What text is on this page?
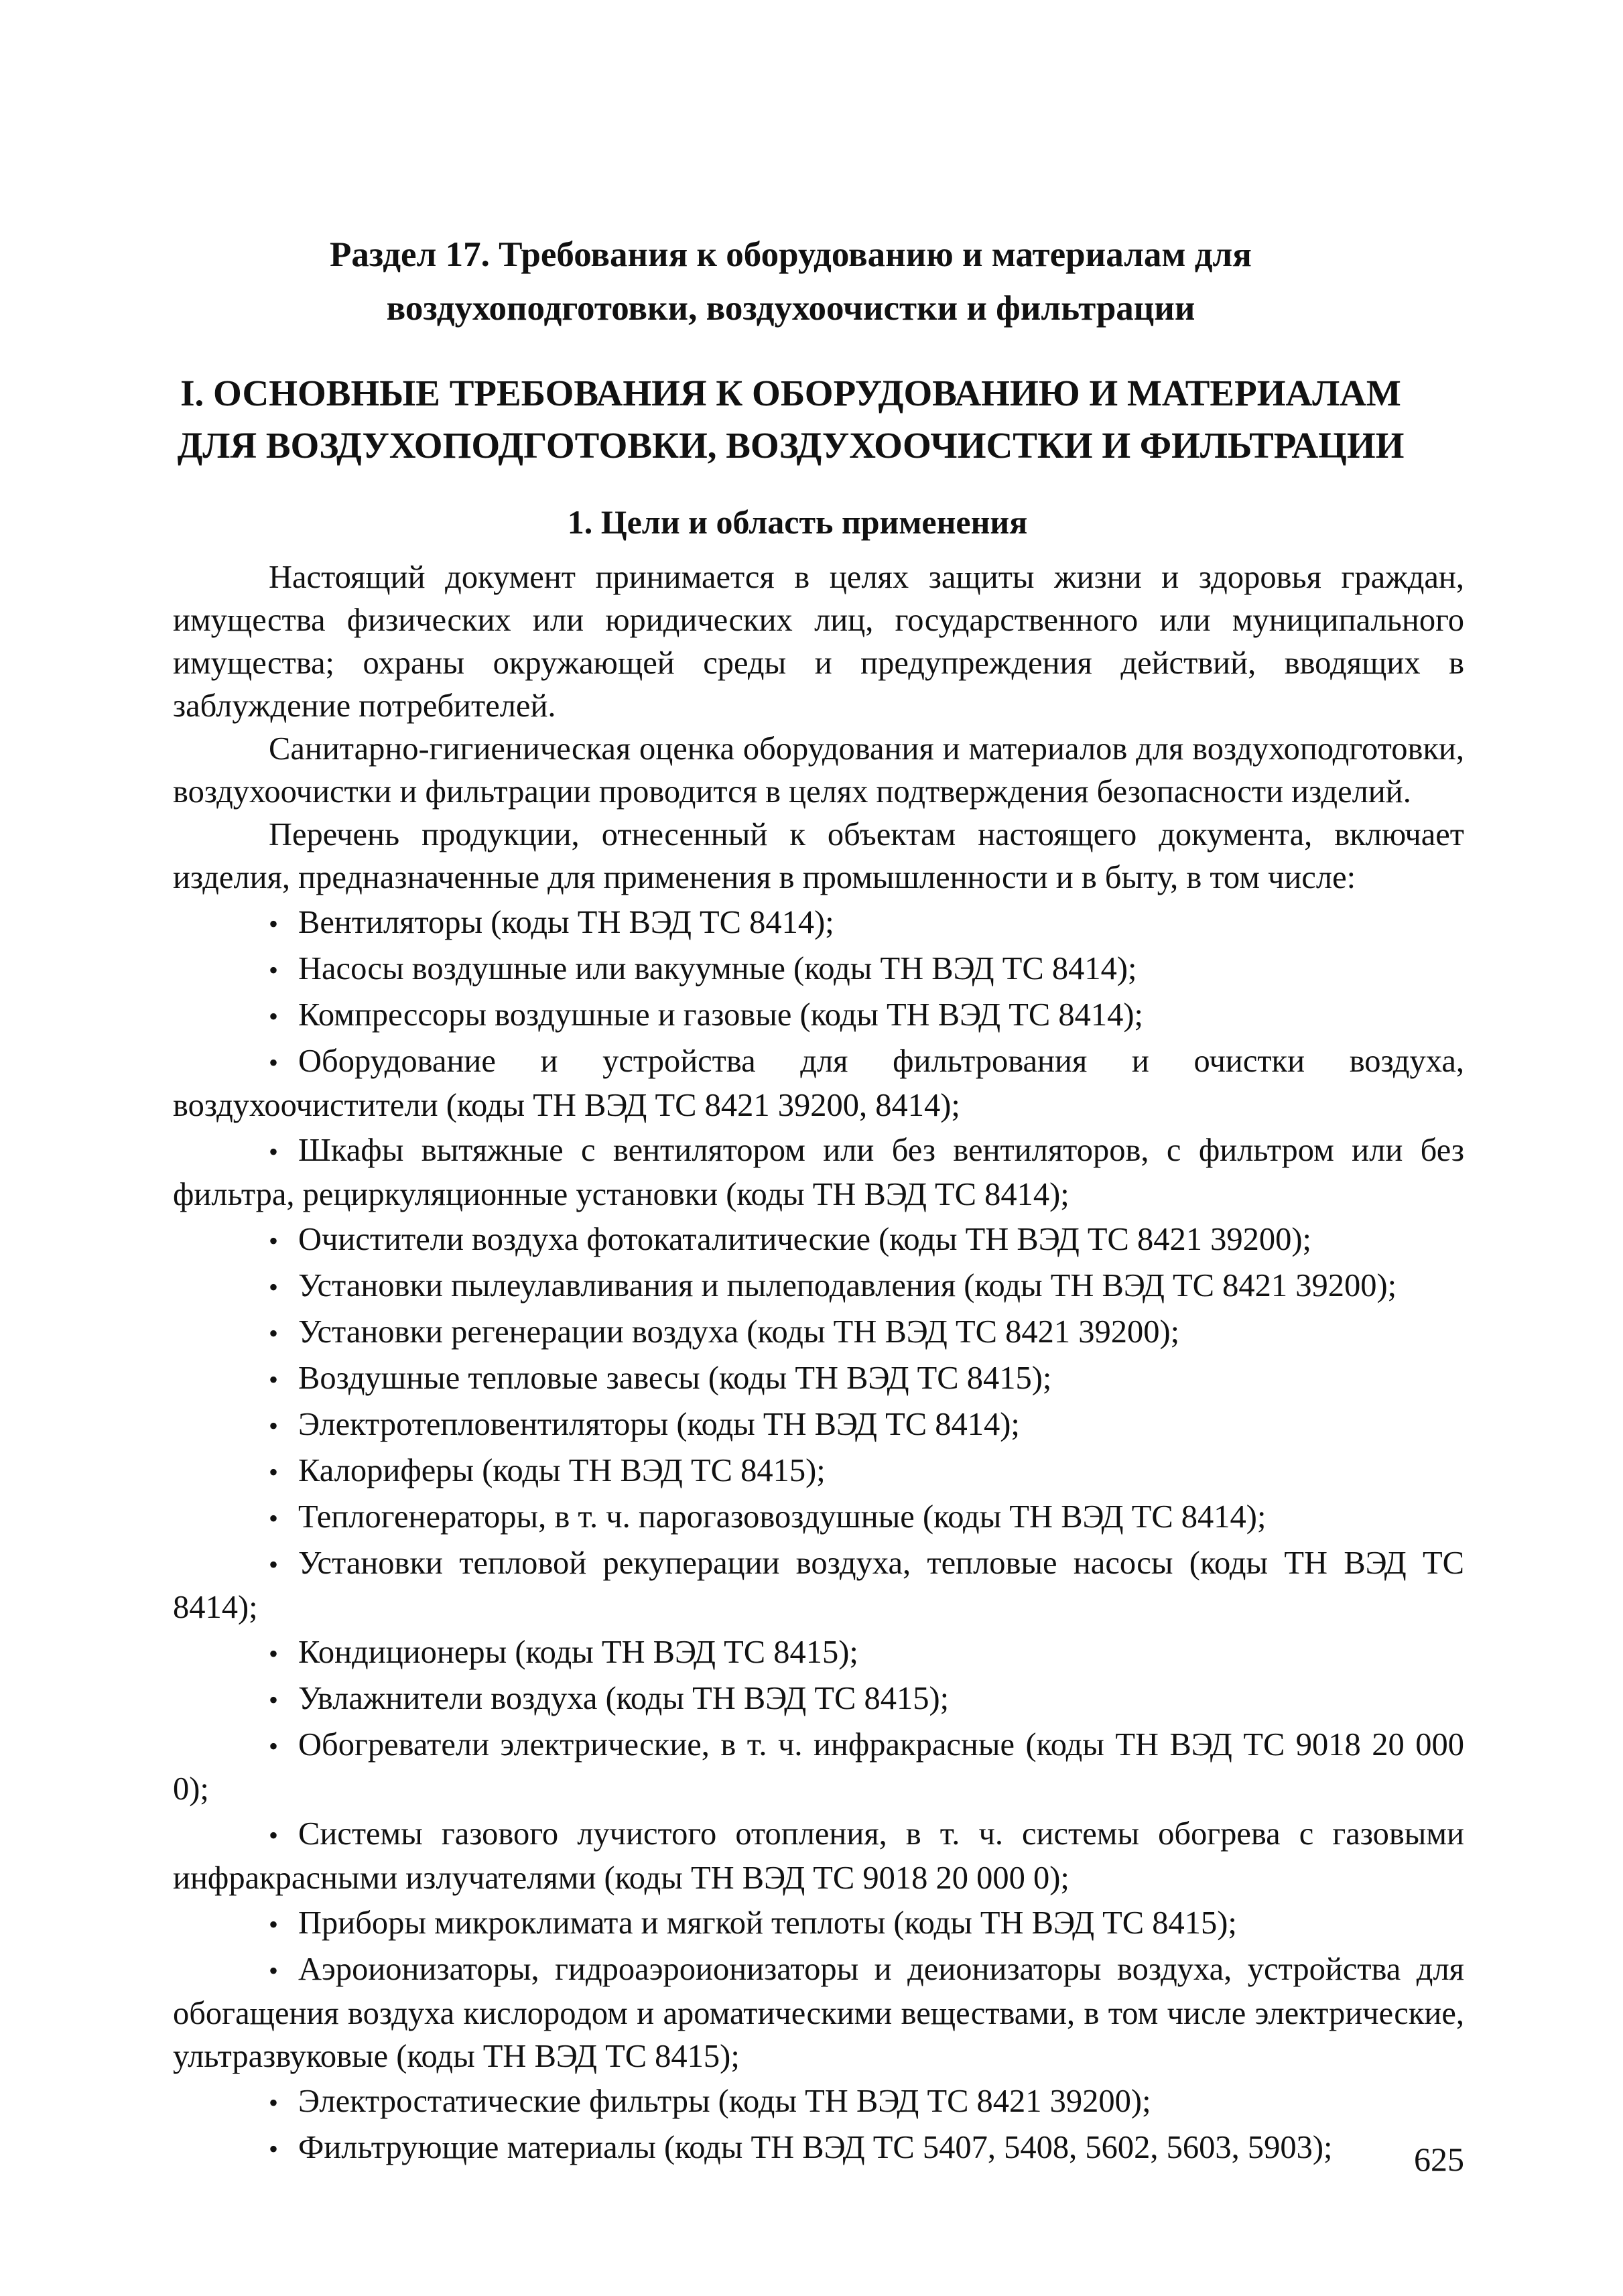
Раздел 17. Требования к оборудованию и материалам для
воздухоподготовки, воздухоочистки и фильтрации
I. ОСНОВНЫЕ ТРЕБОВАНИЯ К ОБОРУДОВАНИЮ И МАТЕРИАЛАМ
ДЛЯ ВОЗДУХОПОДГОТОВКИ, ВОЗДУХООЧИСТКИ И ФИЛЬТРАЦИИ
1. Цели и область применения

Настоящий документ принимается в целях защиты жизни и здоровья граждан, имущества физических или юридических лиц, государственного или муниципального имущества; охраны окружающей среды и предупреждения действий, вводящих в заблуждение потребителей.

Санитарно-гигиеническая оценка оборудования и материалов для воздухоподготовки, воздухоочистки и фильтрации проводится в целях подтверждения безопасности изделий.

Перечень продукции, отнесенный к объектам настоящего документа, включает изделия, предназначенные для применения в промышленности и в быту, в том числе:

• Вентиляторы (коды ТН ВЭД ТС 8414);
• Насосы воздушные или вакуумные (коды ТН ВЭД ТС 8414);
• Компрессоры воздушные и газовые (коды ТН ВЭД ТС 8414);
• Оборудование и устройства для фильтрования и очистки воздуха, воздухоочистители (коды ТН ВЭД ТС 8421 39200, 8414);
• Шкафы вытяжные с вентилятором или без вентиляторов, с фильтром или без фильтра, рециркуляционные установки (коды ТН ВЭД ТС 8414);
• Очистители воздуха фотокаталитические (коды ТН ВЭД ТС 8421 39200);
• Установки пылеулавливания и пылеподавления (коды ТН ВЭД ТС 8421 39200);
• Установки регенерации воздуха (коды ТН ВЭД ТС 8421 39200);
• Воздушные тепловые завесы (коды ТН ВЭД ТС 8415);
• Электротепловентиляторы (коды ТН ВЭД ТС 8414);
• Калориферы (коды ТН ВЭД ТС 8415);
• Теплогенераторы, в т. ч. парогазовоздушные (коды ТН ВЭД ТС 8414);
• Установки тепловой рекуперации воздуха, тепловые насосы (коды ТН ВЭД ТС 8414);
• Кондиционеры (коды ТН ВЭД ТС 8415);
• Увлажнители воздуха (коды ТН ВЭД ТС 8415);
• Обогреватели электрические, в т. ч. инфракрасные (коды ТН ВЭД ТС 9018 20 000 0);
• Системы газового лучистого отопления, в т. ч. системы обогрева с газовыми инфракрасными излучателями (коды ТН ВЭД ТС 9018 20 000 0);
• Приборы микроклимата и мягкой теплоты (коды ТН ВЭД ТС 8415);
• Аэроионизаторы, гидроаэроионизаторы и деионизаторы воздуха, устройства для обогащения воздуха кислородом и ароматическими веществами, в том числе электрические, ультразвуковые (коды ТН ВЭД ТС 8415);
• Электростатические фильтры (коды ТН ВЭД ТС 8421 39200);
• Фильтрующие материалы (коды ТН ВЭД ТС 5407, 5408, 5602, 5603, 5903);	625
